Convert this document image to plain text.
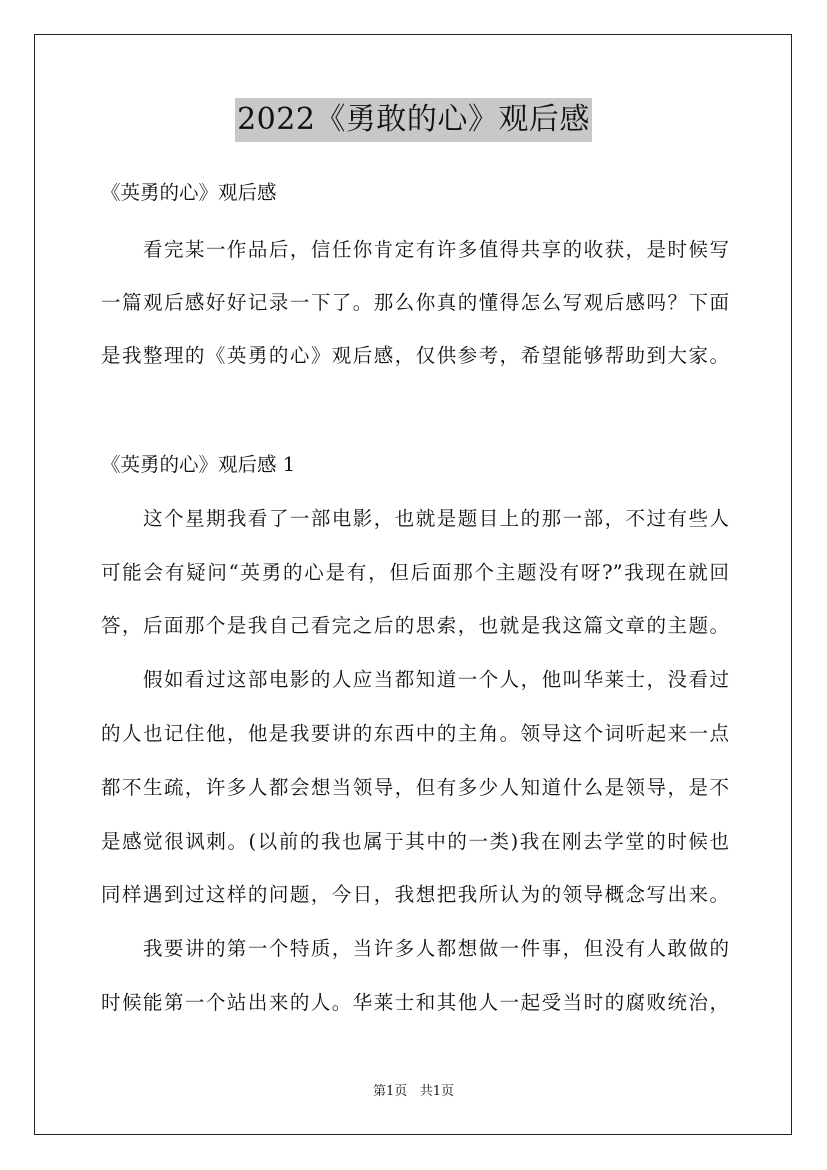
2022《勇敢的心》观后感
《英勇的心》观后感
看完某一作品后，信任你肯定有许多值得共享的收获，是时候写
一篇观后感好好记录一下了。那么你真的懂得怎么写观后感吗？下面
是我整理的《英勇的心》观后感，仅供参考，希望能够帮助到大家。
《英勇的心》观后感 1
这个星期我看了一部电影，也就是题目上的那一部，不过有些人
可能会有疑问“英勇的心是有，但后面那个主题没有呀?”我现在就回
答，后面那个是我自己看完之后的思索，也就是我这篇文章的主题。
假如看过这部电影的人应当都知道一个人，他叫华莱士，没看过
的人也记住他，他是我要讲的东西中的主角。领导这个词听起来一点
都不生疏，许多人都会想当领导，但有多少人知道什么是领导，是不
是感觉很讽刺。(以前的我也属于其中的一类)我在刚去学堂的时候也
同样遇到过这样的问题，今日，我想把我所认为的领导概念写出来。
我要讲的第一个特质，当许多人都想做一件事，但没有人敢做的
时候能第一个站出来的人。华莱士和其他人一起受当时的腐败统治，
第1页 共1页
